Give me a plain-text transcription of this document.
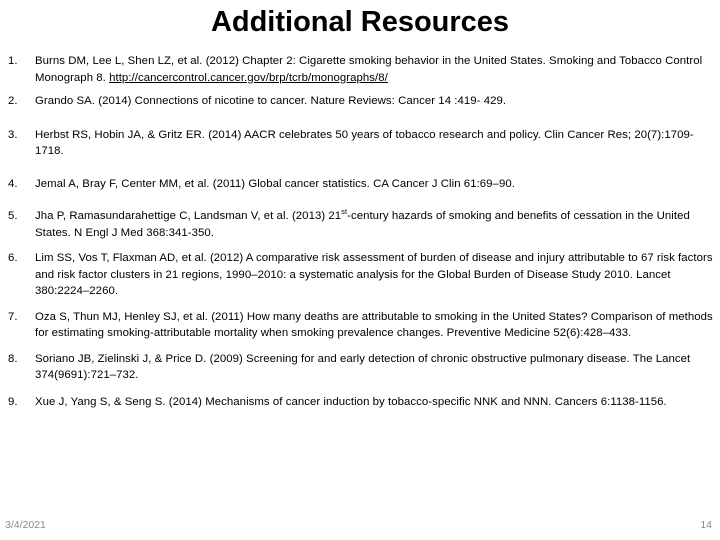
Additional Resources
1.	Burns DM, Lee L, Shen LZ, et al. (2012) Chapter 2: Cigarette smoking behavior in the United States. Smoking and Tobacco Control Monograph 8. http://cancercontrol.cancer.gov/brp/tcrb/monographs/8/
2.	Grando SA. (2014) Connections of nicotine to cancer. Nature Reviews: Cancer 14 :419- 429.
3.	Herbst RS, Hobin JA, & Gritz ER. (2014) AACR celebrates 50 years of tobacco research and policy. Clin Cancer Res; 20(7):1709-1718.
4.	Jemal A, Bray F, Center MM, et al. (2011) Global cancer statistics. CA Cancer J Clin 61:69–90.
5.	Jha P, Ramasundarahettige C, Landsman V, et al. (2013) 21st-century hazards of smoking and benefits of cessation in the United States. N Engl J Med 368:341-350.
6.	Lim SS, Vos T, Flaxman AD, et al. (2012) A comparative risk assessment of burden of disease and injury attributable to 67 risk factors and risk factor clusters in 21 regions, 1990–2010: a systematic analysis for the Global Burden of Disease Study 2010. Lancet 380:2224–2260.
7.	Oza S, Thun MJ, Henley SJ, et al. (2011) How many deaths are attributable to smoking in the United States? Comparison of methods for estimating smoking-attributable mortality when smoking prevalence changes. Preventive Medicine 52(6):428–433.
8.	Soriano JB, Zielinski J, & Price D. (2009) Screening for and early detection of chronic obstructive pulmonary disease. The Lancet 374(9691):721–732.
9.	Xue J, Yang S, & Seng S. (2014) Mechanisms of cancer induction by tobacco-specific NNK and NNN. Cancers 6:1138-1156.
3/4/2021	14
